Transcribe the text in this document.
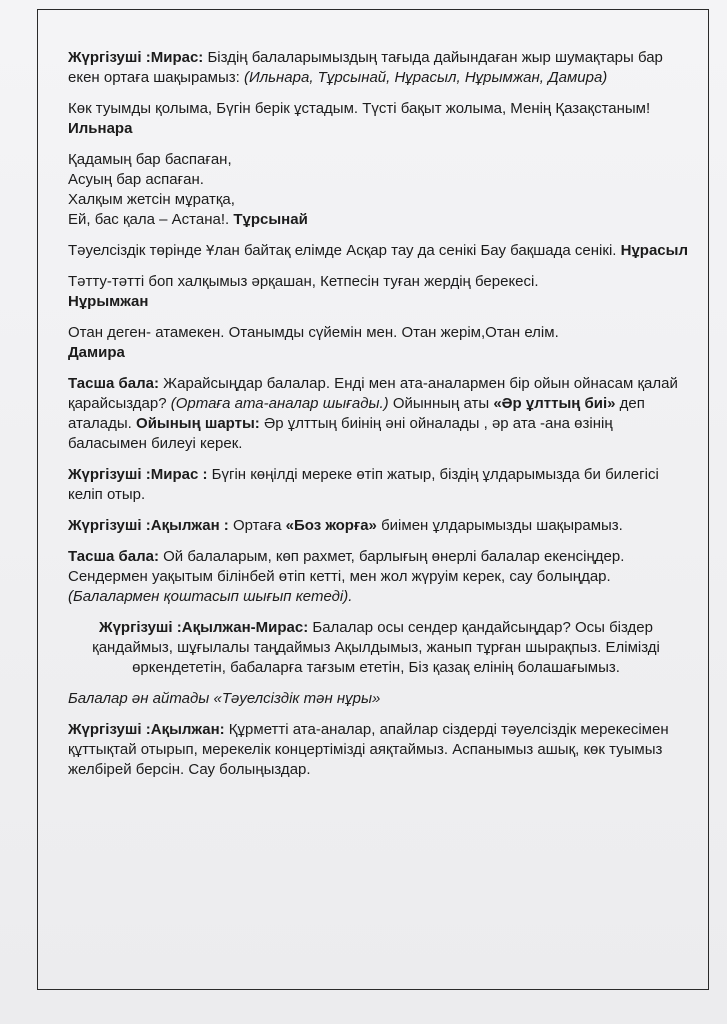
Жүргізуші :Мирас: Біздің балаларымыздың тағыда дайындаған жыр шумақтары бар екен ортаға шақырамыз: (Ильнара, Тұрсынай, Нұрасыл, Нұрымжан, Дамира)

Көк туымды қолыма, Бүгін берік ұстадым. Түсті бақыт жолыма, Менің Қазақстаным! Ильнара

Қадамың бар баспаған,
Асуың бар аспаған.
Халқым жетсін мұратқа,
Ей, бас қала – Астана!. Тұрсынай

Тәуелсіздік төрінде Ұлан байтақ елімде Асқар тау да сенікі Бау бақшада сенікі. Нұрасыл

Тәтту-тәтті боп халқымыз әрқашан, Кетпесін туған жердің берекесі. Нұрымжан

Отан деген- атамекен. Отанымды сүйемін мен. Отан жерім,Отан елім. Дамира

Тасша бала: Жарайсыңдар балалар. Енді мен ата-аналармен бір ойын ойнасам қалай қарайсыздар? (Ортаға ата-аналар шығады.) Ойынның аты «Әр ұлттың биі» деп аталады. Ойының шарты: Әр ұлттың биінің әні ойналады , әр ата -ана өзінің баласымен билеуі керек.

Жүргізуші :Мирас : Бүгін көңілді мереке өтіп жатыр, біздің ұлдарымызда би билегісі келіп отыр.

Жүргізуші :Ақылжан : Ортаға «Боз жорға» биімен ұлдарымызды шақырамыз.

Тасша бала: Ой балаларым, көп рахмет, барлығың өнерлі балалар екенсіңдер. Сендермен уақытым білінбей өтіп кетті, мен жол жүруім керек, сау болыңдар. (Балалармен қоштасып шығып кетеді).

Жүргізуші :Ақылжан-Мирас: Балалар осы сендер қандайсыңдар? Осы біздер қандаймыз, шұғылалы таңдаймыз Ақылдымыз, жанып тұрған шырақпыз. Елімізді өркендететін, бабаларға тағзым ететін, Біз қазақ елінің болашағымыз.

Балалар ән айтады «Тәуелсіздік тән нұры»

Жүргізуші :Ақылжан: Құрметті ата-аналар, апайлар сіздерді тәуелсіздік мерекесімен құттықтай отырып, мерекелік концертімізді аяқтаймыз. Аспанымыз ашық, көк туымыз желбірей берсін. Сау болыңыздар.
